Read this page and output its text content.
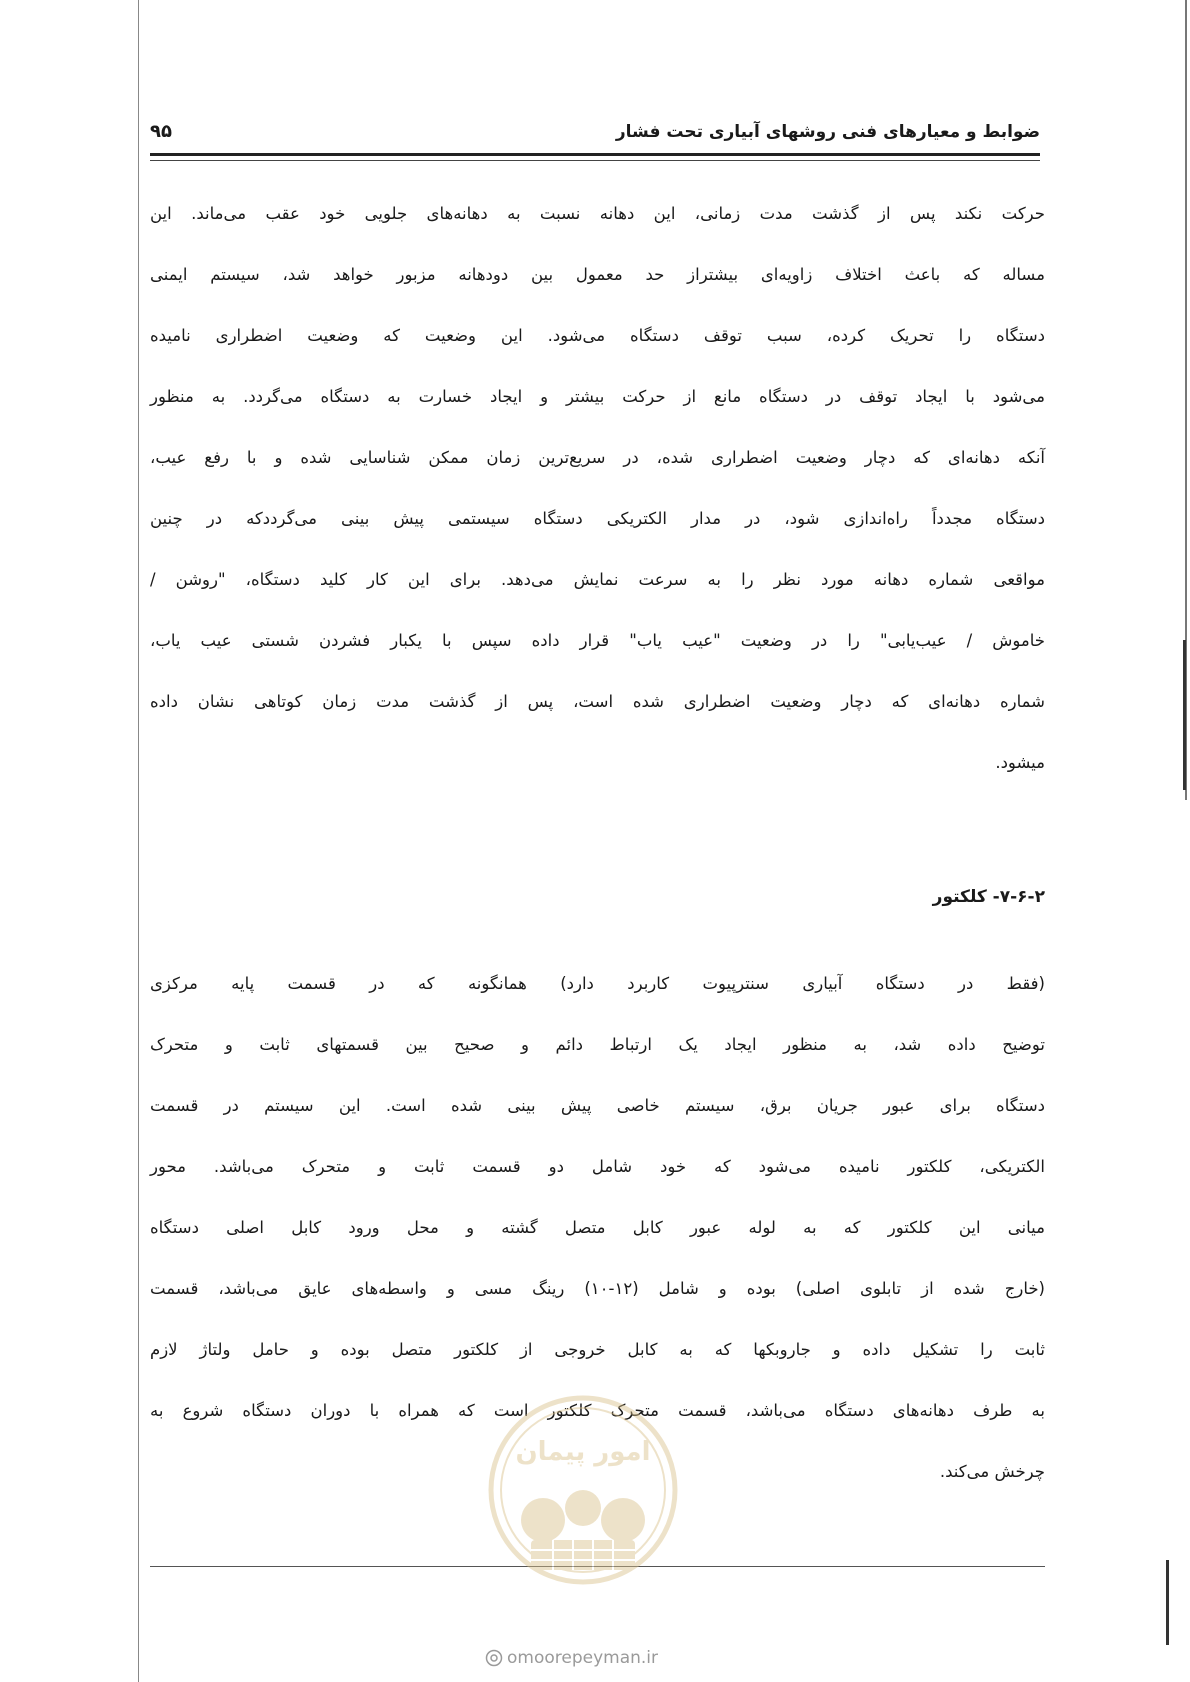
۹۵	ضوابط و معیارهای فنی روشهای آبیاری تحت فشار
حرکت نکند پس از گذشت مدت زمانی، این دهانه نسبت به دهانه‌های جلویی خود عقب می‌ماند. این
مساله که باعث اختلاف زاویه‌ای بیشتراز حد معمول بین دودهانه مزبور خواهد شد، سیستم ایمنی
دستگاه را تحریک کرده، سبب توقف دستگاه می‌شود. این وضعیت که وضعیت اضطراری نامیده
می‌شود با ایجاد توقف در دستگاه مانع از حرکت بیشتر و ایجاد خسارت به دستگاه می‌گردد. به منظور
آنکه دهانه‌ای که دچار وضعیت اضطراری شده، در سریع‌ترین زمان ممکن شناسایی شده و با رفع عیب،
دستگاه مجدداً راه‌اندازی شود، در مدار الکتریکی دستگاه سیستمی پیش بینی می‌گرددکه در چنین
مواقعی شماره دهانه مورد نظر را به سرعت نمایش می‌دهد. برای این کار کلید دستگاه، "روشن /
خاموش / عیب‌یابی" را در وضعیت "عیب یاب" قرار داده سپس با یکبار فشردن شستی عیب یاب،
شماره دهانه‌ای که دچار وضعیت اضطراری شده است، پس از گذشت مدت زمان کوتاهی نشان داده
میشود.
۷-۶-۲- کلکتور
(فقط در دستگاه آبیاری سنترپیوت کاربرد دارد) همانگونه که در قسمت پایه مرکزی
توضیح داده شد، به منظور ایجاد یک ارتباط دائم و صحیح بین قسمتهای ثابت و متحرک
دستگاه برای عبور جریان برق، سیستم خاصی پیش بینی شده است. این سیستم در قسمت
الکتریکی، کلکتور نامیده می‌شود که خود شامل دو قسمت ثابت و متحرک می‌باشد. محور
میانی این کلکتور که به لوله عبور کابل متصل گشته و محل ورود کابل اصلی دستگاه
(خارج شده از تابلوی اصلی) بوده و شامل (۱۲-۱۰) رینگ مسی و واسطه‌های عایق می‌باشد، قسمت
ثابت را تشکیل داده و جاروبکها که به کابل خروجی از کلکتور متصل بوده و حامل ولتاژ لازم
به طرف دهانه‌های دستگاه می‌باشد، قسمت متحرک کلکتور است که همراه با دوران دستگاه شروع به
چرخش می‌کند.
امور پیمان
omoorepeyman.ir
